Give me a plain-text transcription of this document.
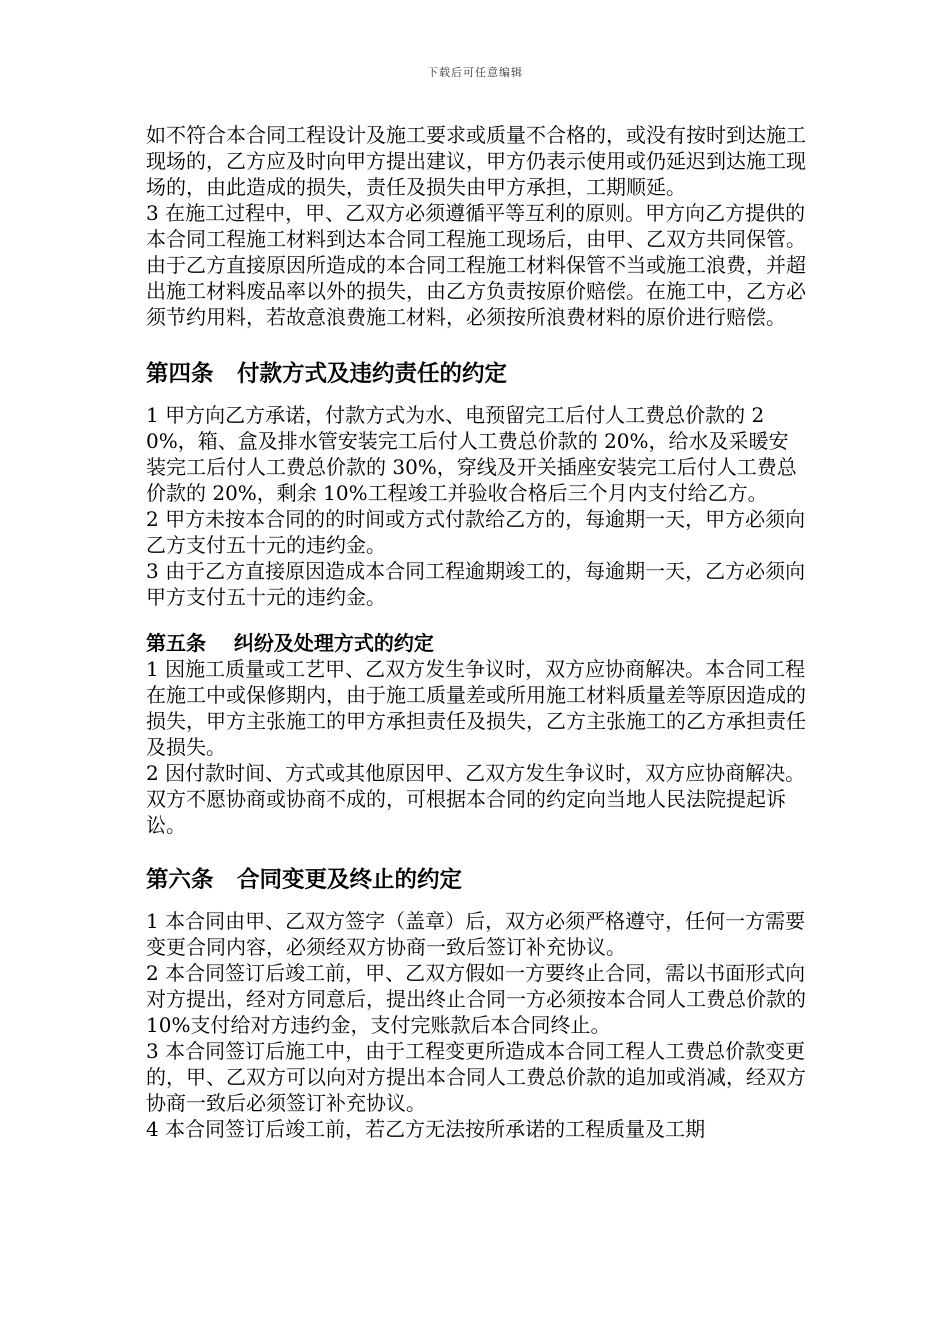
下载后可任意编辑

如不符合本合同工程设计及施工要求或质量不合格的，或没有按时到达施工现场的，乙方应及时向甲方提出建议，甲方仍表示使用或仍延迟到达施工现场的，由此造成的损失，责任及损失由甲方承担，工期顺延。

3 在施工过程中，甲、乙双方必须遵循平等互利的原则。甲方向乙方提供的本合同工程施工材料到达本合同工程施工现场后，由甲、乙双方共同保管。由于乙方直接原因所造成的本合同工程施工材料保管不当或施工浪费，并超出施工材料废品率以外的损失，由乙方负责按原价赔偿。在施工中，乙方必须节约用料，若故意浪费施工材料，必须按所浪费材料的原价进行赔偿。

第四条   付款方式及违约责任的约定

1 甲方向乙方承诺，付款方式为水、电预留完工后付人工费总价款的 20%，箱、盒及排水管安装完工后付人工费总价款的 20%，给水及采暖安装完工后付人工费总价款的 30%，穿线及开关插座安装完工后付人工费总价款的 20%，剩余 10%工程竣工并验收合格后三个月内支付给乙方。

2 甲方未按本合同的的时间或方式付款给乙方的，每逾期一天，甲方必须向乙方支付五十元的违约金。

3 由于乙方直接原因造成本合同工程逾期竣工的，每逾期一天，乙方必须向甲方支付五十元的违约金。

第五条    纠纷及处理方式的约定

1 因施工质量或工艺甲、乙双方发生争议时，双方应协商解决。本合同工程在施工中或保修期内，由于施工质量差或所用施工材料质量差等原因造成的损失，甲方主张施工的甲方承担责任及损失，乙方主张施工的乙方承担责任及损失。

2 因付款时间、方式或其他原因甲、乙双方发生争议时，双方应协商解决。双方不愿协商或协商不成的，可根据本合同的约定向当地人民法院提起诉讼。

第六条   合同变更及终止的约定

1 本合同由甲、乙双方签字（盖章）后，双方必须严格遵守，任何一方需要变更合同内容，必须经双方协商一致后签订补充协议。

2 本合同签订后竣工前，甲、乙双方假如一方要终止合同，需以书面形式向对方提出，经对方同意后，提出终止合同一方必须按本合同人工费总价款的 10%支付给对方违约金，支付完账款后本合同终止。

3 本合同签订后施工中，由于工程变更所造成本合同工程人工费总价款变更的，甲、乙双方可以向对方提出本合同人工费总价款的追加或消减，经双方协商一致后必须签订补充协议。

4 本合同签订后竣工前，若乙方无法按所承诺的工程质量及工期
